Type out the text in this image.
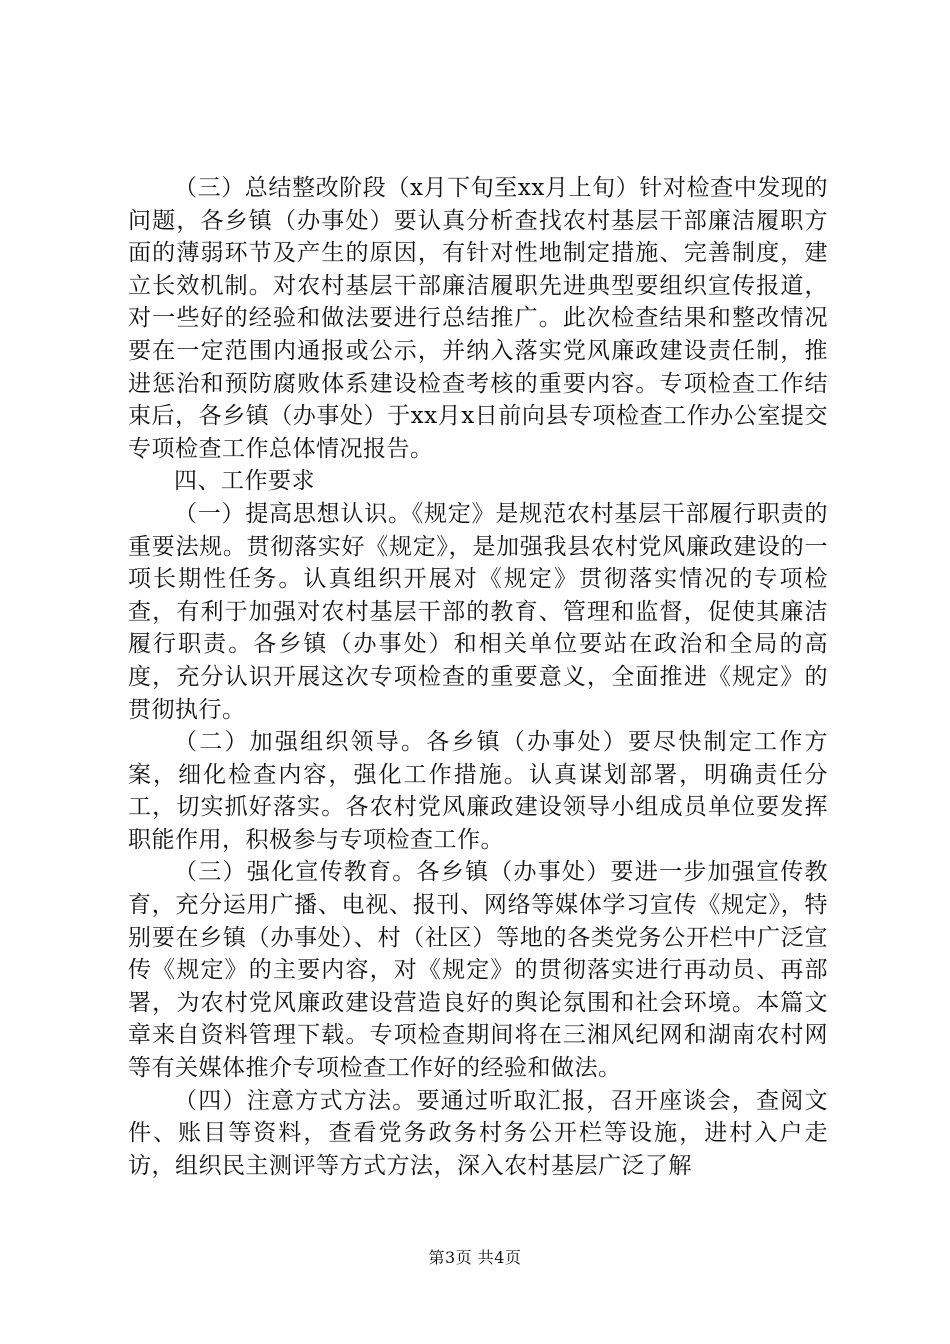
（三）总结整改阶段（x月下旬至xx月上旬）针对检查中发现的问题，各乡镇（办事处）要认真分析查找农村基层干部廉洁履职方面的薄弱环节及产生的原因，有针对性地制定措施、完善制度，建立长效机制。对农村基层干部廉洁履职先进典型要组织宣传报道，对一些好的经验和做法要进行总结推广。此次检查结果和整改情况要在一定范围内通报或公示，并纳入落实党风廉政建设责任制，推进惩治和预防腐败体系建设检查考核的重要内容。专项检查工作结束后，各乡镇（办事处）于xx月x日前向县专项检查工作办公室提交专项检查工作总体情况报告。

四、工作要求

（一）提高思想认识。《规定》是规范农村基层干部履行职责的重要法规。贯彻落实好《规定》，是加强我县农村党风廉政建设的一项长期性任务。认真组织开展对《规定》贯彻落实情况的专项检查，有利于加强对农村基层干部的教育、管理和监督，促使其廉洁履行职责。各乡镇（办事处）和相关单位要站在政治和全局的高度，充分认识开展这次专项检查的重要意义，全面推进《规定》的贯彻执行。

（二）加强组织领导。各乡镇（办事处）要尽快制定工作方案，细化检查内容，强化工作措施。认真谋划部署，明确责任分工，切实抓好落实。各农村党风廉政建设领导小组成员单位要发挥职能作用，积极参与专项检查工作。

（三）强化宣传教育。各乡镇（办事处）要进一步加强宣传教育，充分运用广播、电视、报刊、网络等媒体学习宣传《规定》，特别要在乡镇（办事处）、村（社区）等地的各类党务公开栏中广泛宣传《规定》的主要内容，对《规定》的贯彻落实进行再动员、再部署，为农村党风廉政建设营造良好的舆论氛围和社会环境。本篇文章来自资料管理下载。专项检查期间将在三湘风纪网和湖南农村网等有关媒体推介专项检查工作好的经验和做法。

（四）注意方式方法。要通过听取汇报，召开座谈会，查阅文件、账目等资料，查看党务政务村务公开栏等设施，进村入户走访，组织民主测评等方式方法，深入农村基层广泛了解

第3页 共4页
